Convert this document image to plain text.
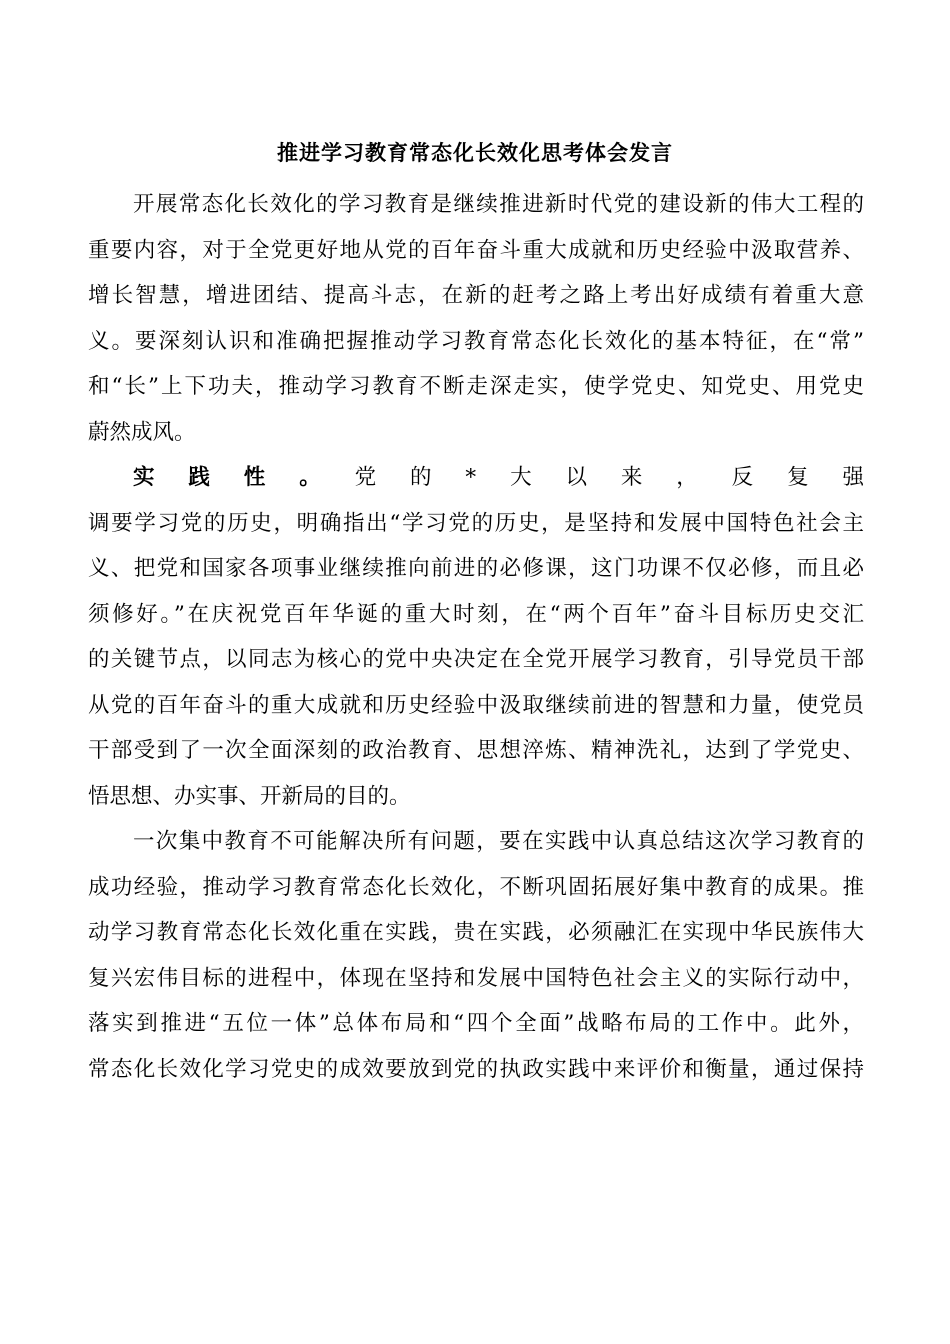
推进学习教育常态化长效化思考体会发言
开展常态化长效化的学习教育是继续推进新时代党的建设新的伟大工程的
重要内容，对于全党更好地从党的百年奋斗重大成就和历史经验中汲取营养、
增长智慧，增进团结、提高斗志，在新的赶考之路上考出好成绩有着重大意
义。要深刻认识和准确把握推动学习教育常态化长效化的基本特征，在“常”
和“长”上下功夫，推动学习教育不断走深走实，使学党史、知党史、用党史
蔚然成风。
实践性。党的*大以来，反复强
调要学习党的历史，明确指出“学习党的历史，是坚持和发展中国特色社会主
义、把党和国家各项事业继续推向前进的必修课，这门功课不仅必修，而且必
须修好。”在庆祝党百年华诞的重大时刻，在“两个百年”奋斗目标历史交汇
的关键节点，以同志为核心的党中央决定在全党开展学习教育，引导党员干部
从党的百年奋斗的重大成就和历史经验中汲取继续前进的智慧和力量，使党员
干部受到了一次全面深刻的政治教育、思想淬炼、精神洗礼，达到了学党史、
悟思想、办实事、开新局的目的。
一次集中教育不可能解决所有问题，要在实践中认真总结这次学习教育的
成功经验，推动学习教育常态化长效化，不断巩固拓展好集中教育的成果。推
动学习教育常态化长效化重在实践，贵在实践，必须融汇在实现中华民族伟大
复兴宏伟目标的进程中，体现在坚持和发展中国特色社会主义的实际行动中，
落实到推进“五位一体”总体布局和“四个全面”战略布局的工作中。此外，
常态化长效化学习党史的成效要放到党的执政实践中来评价和衡量，通过保持
